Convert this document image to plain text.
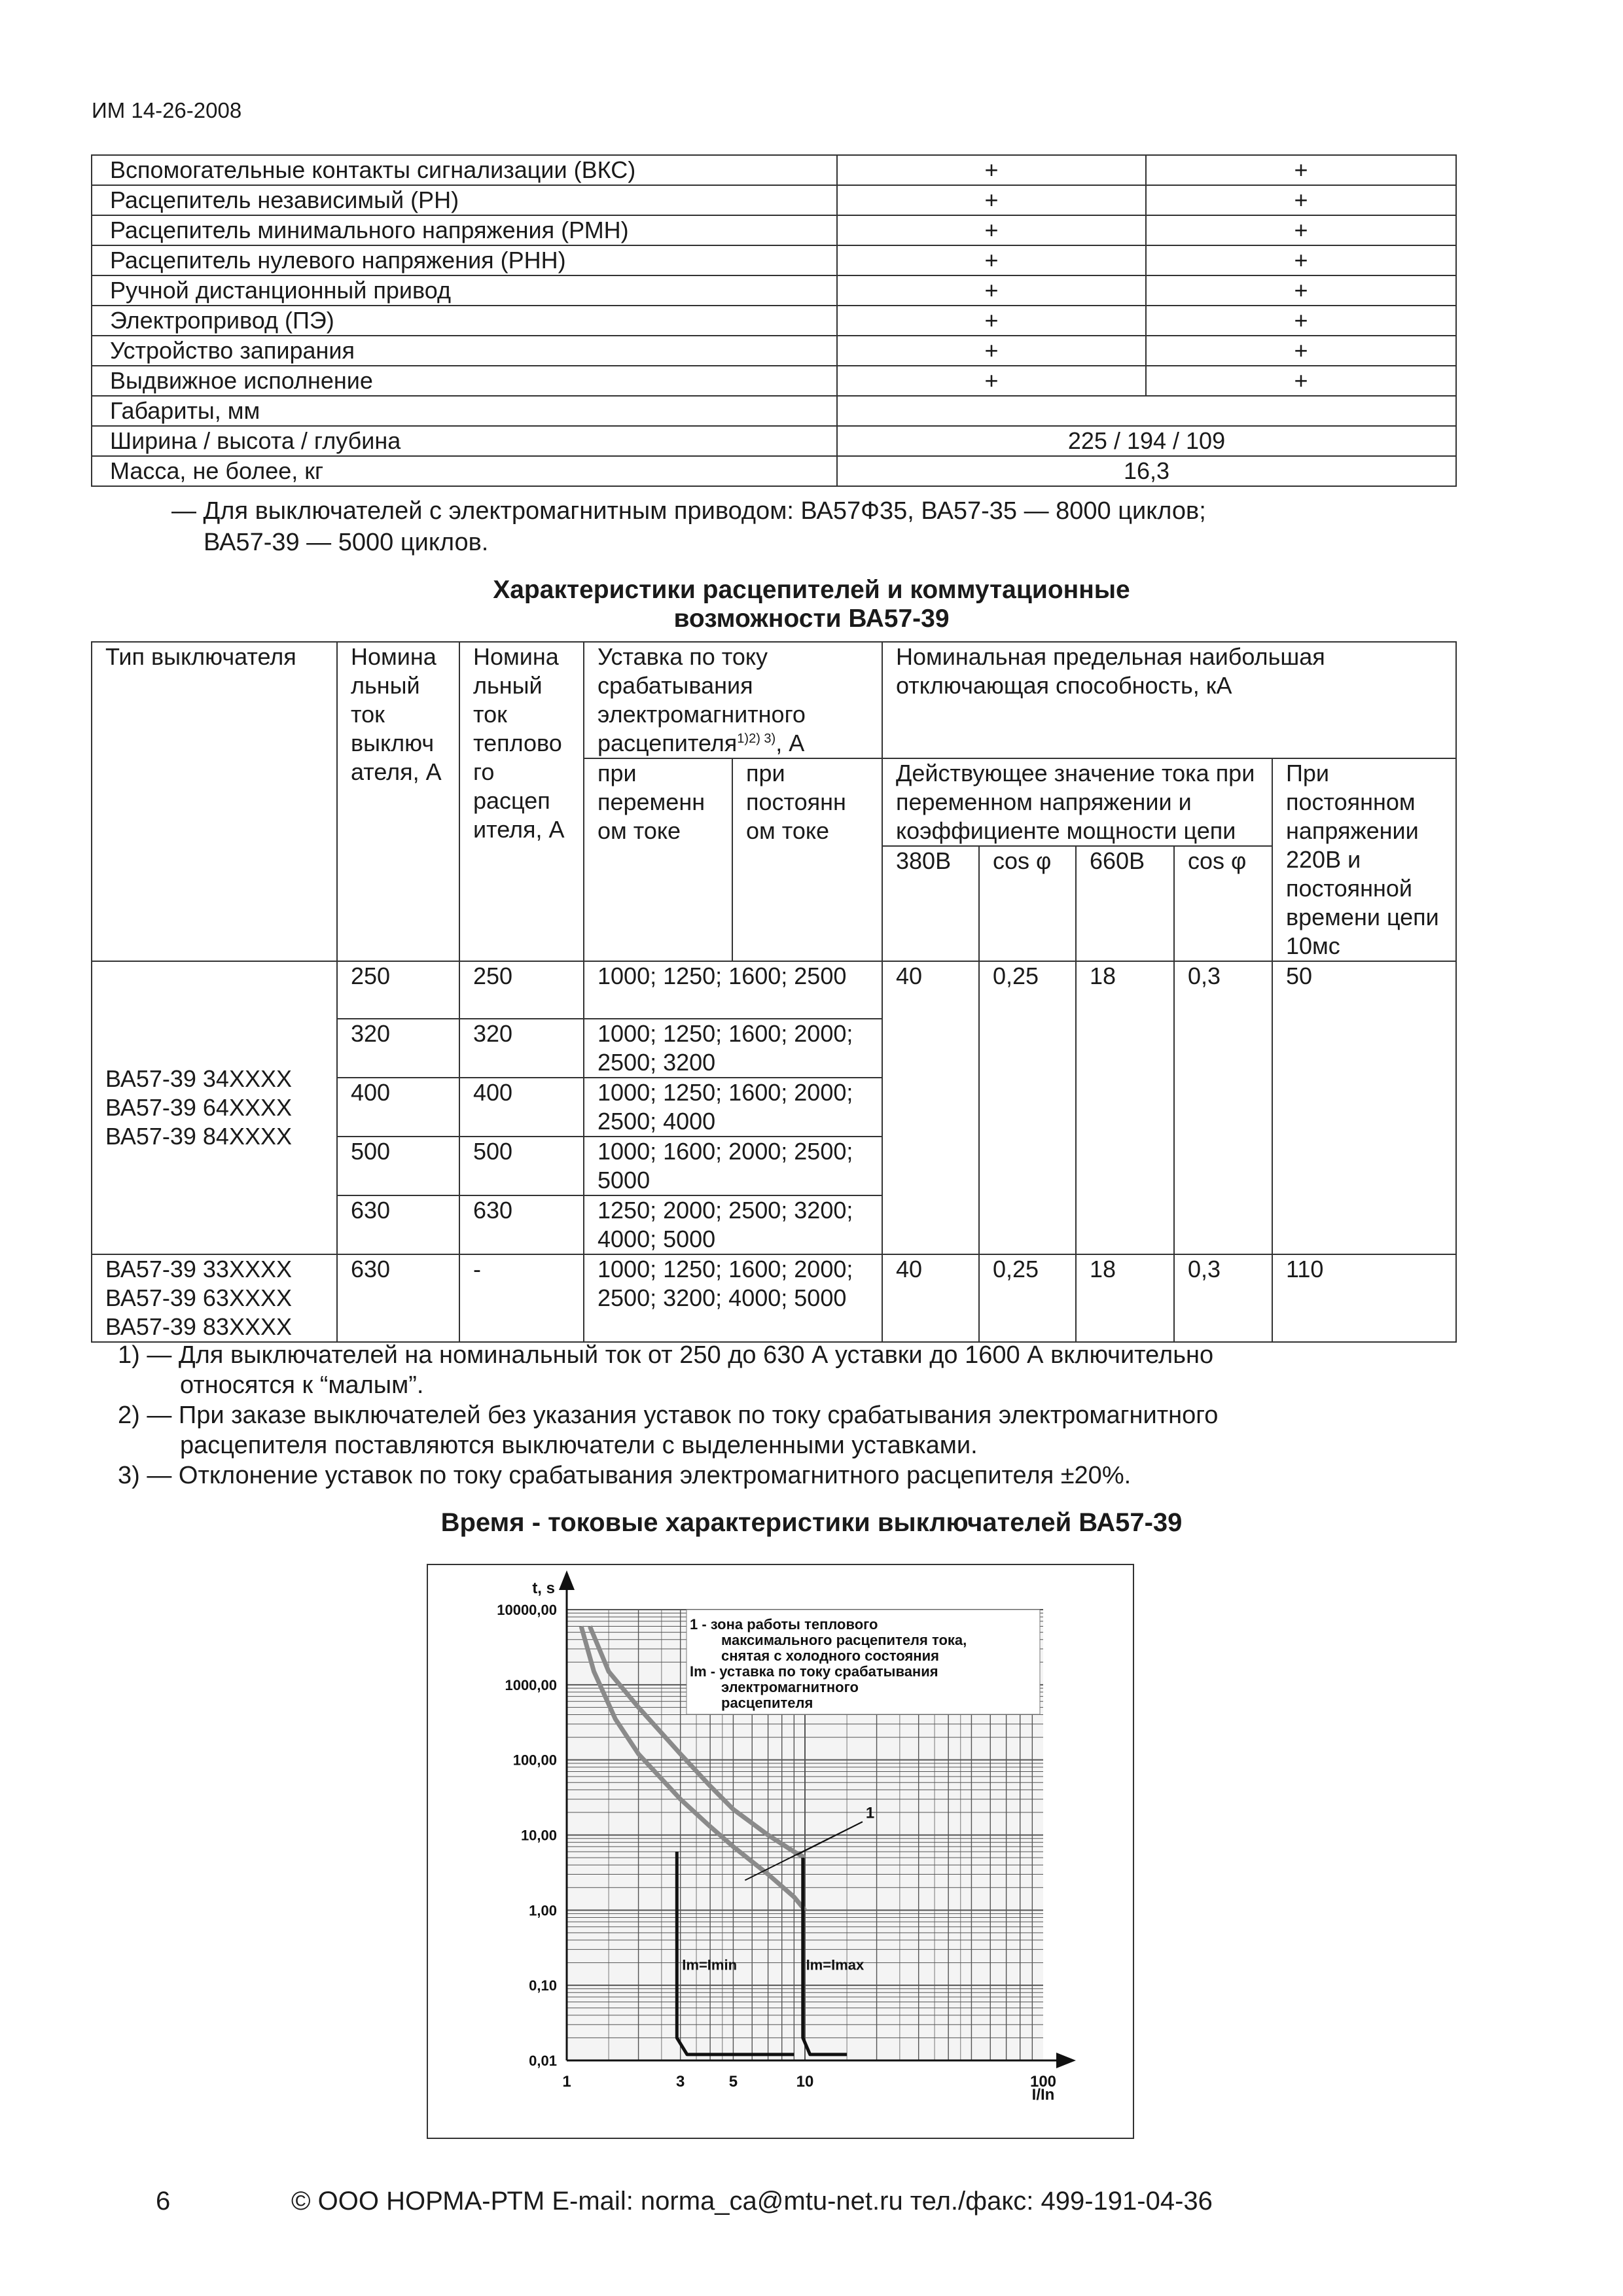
ИМ 14-26-2008
Вспомогательные контакты сигнализации (ВКС)	+	+
Расцепитель независимый (РН)	+	+
Расцепитель минимального напряжения (РМН)	+	+
Расцепитель нулевого напряжения (РНН)	+	+
Ручной дистанционный привод	+	+
Электропривод (ПЭ)	+	+
Устройство запирания	+	+
Выдвижное исполнение	+	+
Габариты, мм		
Ширина / высота / глубина	225 / 194 / 109	
Масса, не более, кг	16,3	
— Для выключателей с электромагнитным приводом: ВА57Ф35, ВА57-35 — 8000 циклов;
ВА57-39 — 5000 циклов.
Характеристики расцепителей и коммутационные
возможности ВА57-39
Тип выключателя	Номина льный ток выключ ателя, А	Номина льный ток теплово го расцеп ителя, А	Уставка по току срабатывания электромагнитного расцепителя$^{1)2) 3)}$, А		Номинальная предельная наибольшая отключающая способность, кА				
			при переменн ом токе	при постоянн ом токе	Действующее значение тока при переменном напряжении и коэффициенте мощности цепи				При постоянном напряжении 220В и постоянной времени цепи 10мс
					380В	cos φ	660В	cos φ	
ВА57-39 34ХХХХ ВА57-39 64ХХХХ ВА57-39 84ХХХХ	250	250	1000; 1250; 1600; 2500		40	0,25	18	0,3	50
	320	320	1000; 1250; 1600; 2000; 2500; 3200						
	400	400	1000; 1250; 1600; 2000; 2500; 4000						
	500	500	1000; 1600; 2000; 2500; 5000						
	630	630	1250; 2000; 2500; 3200; 4000; 5000						
ВА57-39 33ХХХХ ВА57-39 63ХХХХ ВА57-39 83ХХХХ	630	-	1000; 1250; 1600; 2000; 2500; 3200; 4000; 5000		40	0,25	18	0,3	110
1) — Для выключателей на номинальный ток от 250 до 630 А уставки до 1600 А включительно
относятся к “малым”.
2) — При заказе выключателей без указания уставок по току срабатывания электромагнитного
расцепителя поставляются выключатели с выделенными уставками.
3) — Отклонение уставок по току срабатывания электромагнитного расцепителя ±20%.
Время - токовые характеристики выключателей ВА57-39
10000,00
1000,00
100,00
10,00
1,00
0,10
0,01
1	3	5	10	100
t, s
I/In
1 - зона работы теплового
максимального расцепителя тока,
снятая с холодного состояния
Im - уставка по току срабатывания
электромагнитного
расцепителя
1
Im=Imin	Im=Imax
6	© ООО НОРМА-РТМ E-mail: norma_ca@mtu-net.ru тел./факс: 499-191-04-36
